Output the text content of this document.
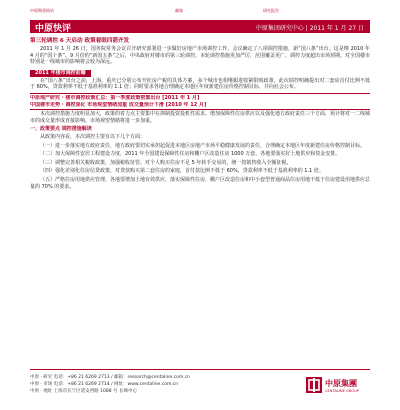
中原期货网站	邮箱	研究报告
中原快评	中原集团研究中心 | 2011 年 1 月 27 日
第三轮调控 6 天启动 政策着眼四箭齐发

2011 年 1 月 26 日，国务院常务会议召开研究部署进一步做好房地产市场调控工作，会议确定了八项调控措施，新“国八条”出台。这是继 2010 年 4 月的“国十条”、9 月份的“新国五条”之后，中央政府对楼市的第三轮调控。本轮调控措施更加严厉，范围覆盖更广，调控力度超出市场预期。对全国楼市特别是一线城市的影响将会较为深远。

2011 年楼市调控前瞻

在“国八条”出台之前，上海、重庆已分别公布开征房产税的具体方案，多个城市也相继跟进收紧限购政策。此次调控明确提出对二套房首付比例不低于 60%，贷款利率不低于基准利率的 1.1 倍；同时要求各地合理确定本地区年度新建住房价格控制目标，并向社会公布。

中原地产研究 · 楼市调控政策汇总：第一季度政策密集出台 [2011 年 1 月]
中国楼市走势 · 调控深化 市场观望情绪加重 成交量预计下滑 [2010 年 12 月]

本次调控措施力度明显加大，政策的着力点主要集中在抑制投资投机性需求、增加保障性住房供应以及强化地方政府责任三个方面，预计将对一二线城市的成交量形成直接影响，市场观望情绪将进一步加重。

一、政策要点 调控措施解读

从政策内容看，本次调控主要有以下几个方面：

（一）进一步落实地方政府责任，地方政府要切实承担起促进本地区房地产市场平稳健康发展的责任，合理确定本地区年度新建住房价格控制目标。

（二）加大保障性安居工程建设力度，2011 年全国建设保障性住房和棚户区改造住房 1000 万套，各地要落实好土地供应和资金安排。

（三）调整完善相关税收政策，加强税收征管。对个人购买住房不足 5 年转手交易的，统一按销售收入全额征税。

（四）强化差别化住房信贷政策，对贷款购买第二套住房的家庭，首付款比例不低于 60%，贷款利率不低于基准利率的 1.1 倍。

（五）严格住房用地供应管理，各地要增加土地有效供应，落实保障性住房、棚户区改造住房和中小套型普通商品住房用地不低于住房建设用地供应总量的 70% 的要求。

中原 · 研究 电话：+86 21 6269 2713 / 邮箱：research@centaline.com.cn
中原 · 市场 电话：+86 21 6269 2714 / 网址：www.centaline.com.cn
中原 · 地址 上海市长宁区延安西路 1088 号 长峰中心
中原集團
CENTALINE GROUP
